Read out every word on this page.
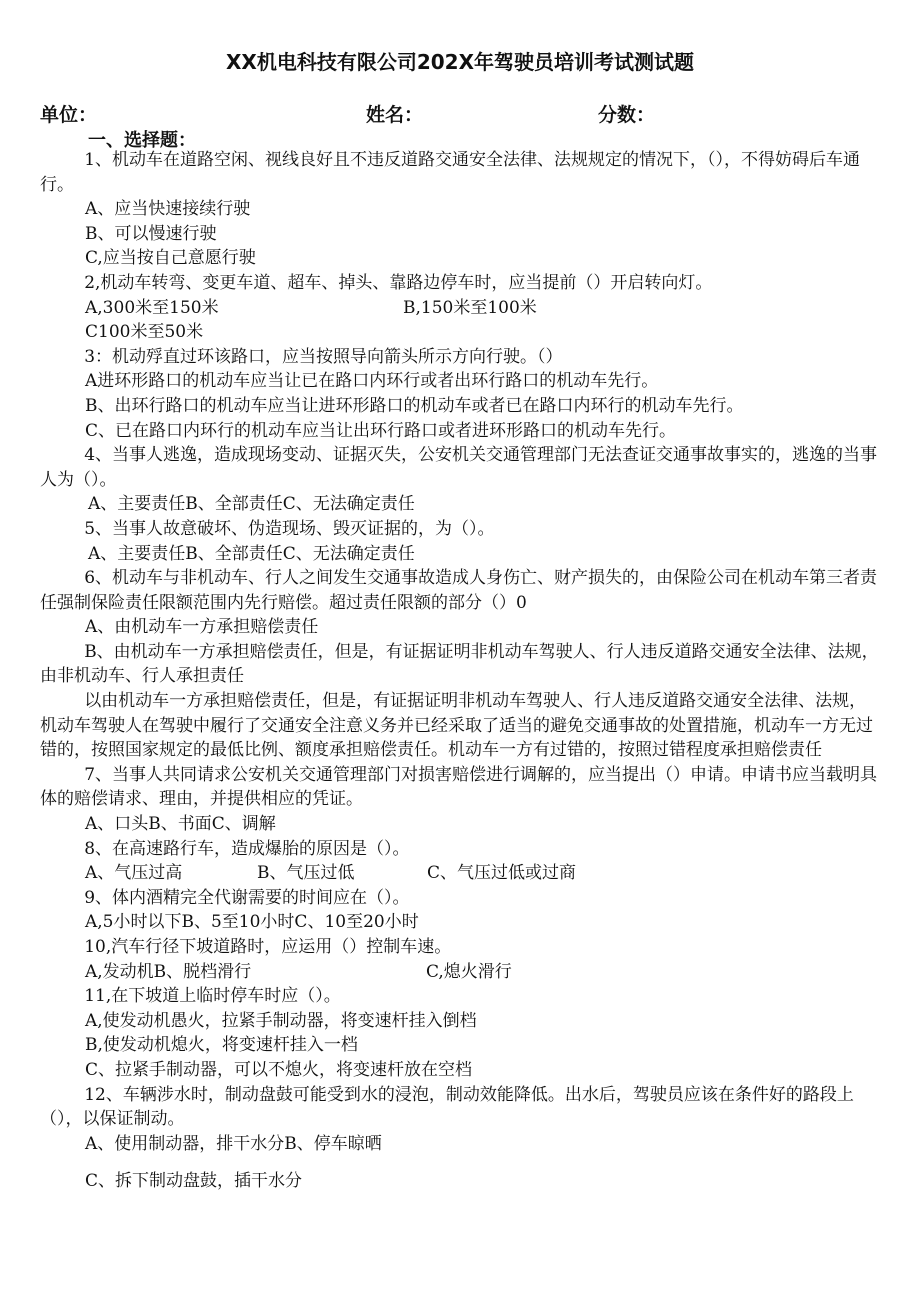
XX机电科技有限公司202X年驾驶员培训考试测试题
单位：	姓名：	分数：
一、选择题：

1、机动车在道路空闲、视线良好且不违反道路交通安全法律、法规规定的情况下，（），不得妨碍后车通行。

A、应当快速接续行驶

B、可以慢速行驶

C,应当按自己意愿行驶

2,机动车转弯、变更车道、超车、掉头、靠路边停车时，应当提前（）开启转向灯。

A,300米至150米	B,150米至100米

C100米至50米

3：机动殍直过环该路口，应当按照导向箭头所示方向行驶。（）

A进环形路口的机动车应当让已在路口内环行或者出环行路口的机动车先行。

B、出环行路口的机动车应当让进环形路口的机动车或者已在路口内环行的机动车先行。

C、已在路口内环行的机动车应当让出环行路口或者进环形路口的机动车先行。

4、当事人逃逸，造成现场变动、证据灭失，公安机关交通管理部门无法查证交通事故事实的，逃逸的当事人为（）。

A、主要责任B、全部责任C、无法确定责任

5、当事人故意破坏、伪造现场、毁灭证据的，为（）。

A、主要责任B、全部责任C、无法确定责任

6、机动车与非机动车、行人之间发生交通事故造成人身伤亡、财产损失的，由保险公司在机动车第三者责任强制保险责任限额范围内先行赔偿。超过责任限额的部分（）0

A、由机动车一方承担赔偿责任

B、由机动车一方承担赔偿责任，但是，有证据证明非机动车驾驶人、行人违反道路交通安全法律、法规，由非机动车、行人承担责任

以由机动车一方承担赔偿责任，但是，有证据证明非机动车驾驶人、行人违反道路交通安全法律、法规，机动车驾驶人在驾驶中履行了交通安全注意义务并已经采取了适当的避免交通事故的处置措施，机动车一方无过错的，按照国家规定的最低比例、额度承担赔偿责任。机动车一方有过错的，按照过错程度承担赔偿责任

7、当事人共同请求公安机关交通管理部门对损害赔偿进行调解的，应当提出（）申请。申请书应当载明具体的赔偿请求、理由，并提供相应的凭证。

A、口头B、书面C、调解

8、在高速路行车，造成爆胎的原因是（）。

A、气压过高	B、气压过低	C、气压过低或过商

9、体内酒精完全代谢需要的时间应在（）。

A,5小时以下B、5至10小时C、10至20小时

10,汽车行径下坡道路时，应运用（）控制车速。

A,发动机B、脱档滑行	C,熄火滑行

11,在下坡道上临时停车时应（）。

A,使发动机愚火，拉紧手制动器，将变速杆挂入倒档

B,使发动机熄火，将变速杆挂入一档

C、拉紧手制动器，可以不熄火，将变速杆放在空档

12、车辆涉水时，制动盘鼓可能受到水的浸泡，制动效能降低。出水后，驾驶员应该在条件好的路段上（），以保证制动。

A、使用制动器，排干水分B、停车晾晒

C、拆下制动盘鼓，插干水分
